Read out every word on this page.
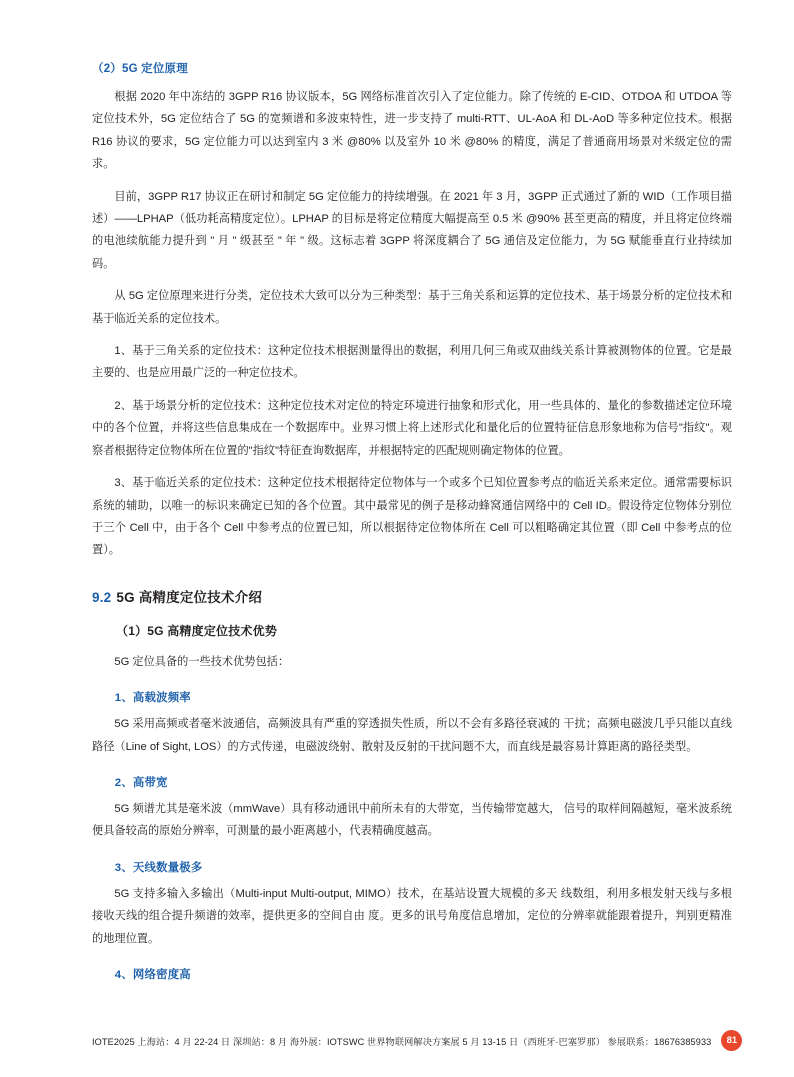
（2）5G 定位原理

根据 2020 年中冻结的 3GPP R16 协议版本，5G 网络标准首次引入了定位能力。除了传统的 E-CID、OTDOA 和 UTDOA 等定位技术外，5G 定位结合了 5G 的宽频谱和多波束特性，进一步支持了 multi-RTT、UL-AoA 和 DL-AoD 等多种定位技术。根据 R16 协议的要求，5G 定位能力可以达到室内 3 米 @80% 以及室外 10 米 @80% 的精度，满足了普通商用场景对米级定位的需求。

目前，3GPP R17 协议正在研讨和制定 5G 定位能力的持续增强。在 2021 年 3 月，3GPP 正式通过了新的 WID（工作项目描述）——LPHAP（低功耗高精度定位）。LPHAP 的目标是将定位精度大幅提高至 0.5 米 @90% 甚至更高的精度，并且将定位终端的电池续航能力提升到 " 月 " 级甚至 " 年 " 级。这标志着 3GPP 将深度耦合了 5G 通信及定位能力，为 5G 赋能垂直行业持续加码。

从 5G 定位原理来进行分类，定位技术大致可以分为三种类型：基于三角关系和运算的定位技术、基于场景分析的定位技术和基于临近关系的定位技术。

1、基于三角关系的定位技术：这种定位技术根据测量得出的数据，利用几何三角或双曲线关系计算被测物体的位置。它是最主要的、也是应用最广泛的一种定位技术。

2、基于场景分析的定位技术：这种定位技术对定位的特定环境进行抽象和形式化，用一些具体的、量化的参数描述定位环境中的各个位置，并将这些信息集成在一个数据库中。业界习惯上将上述形式化和量化后的位置特征信息形象地称为信号"指纹"。观察者根据待定位物体所在位置的"指纹"特征查询数据库，并根据特定的匹配规则确定物体的位置。

3、基于临近关系的定位技术：这种定位技术根据待定位物体与一个或多个已知位置参考点的临近关系来定位。通常需要标识系统的辅助，以唯一的标识来确定已知的各个位置。其中最常见的例子是移动蜂窝通信网络中的 Cell ID。假设待定位物体分别位于三个 Cell 中，由于各个 Cell 中参考点的位置已知，所以根据待定位物体所在 Cell 可以粗略确定其位置（即 Cell 中参考点的位置）。

9.2 5G 高精度定位技术介绍
（1）5G 高精度定位技术优势

5G 定位具备的一些技术优势包括：

1、高载波频率

5G 采用高频或者毫米波通信，高频波具有严重的穿透损失性质，所以不会有多路径衰减的 干扰；高频电磁波几乎只能以直线路径（Line of Sight, LOS）的方式传递，电磁波绕射、散射及反射的干扰问题不大，而直线是最容易计算距离的路径类型。

2、高带宽

5G 频谱尤其是毫米波（mmWave）具有移动通讯中前所未有的大带宽，当传输带宽越大， 信号的取样间隔越短，毫米波系统便具备较高的原始分辨率，可测量的最小距离越小，代表精确度越高。

3、天线数量极多

5G 支持多输入多输出（Multi-input Multi-output, MIMO）技术，在基站设置大规模的多天 线数组，利用多根发射天线与多根接收天线的组合提升频谱的效率，提供更多的空间自由 度。更多的讯号角度信息增加，定位的分辨率就能跟着提升，判别更精准的地理位置。

4、网络密度高
IOTE2025 上海站：4 月 22-24 日 深圳站：8 月 海外展：IOTSWC 世界物联网解决方案展 5 月 13-15 日（西班牙·巴塞罗那） 参展联系：18676385933	81
